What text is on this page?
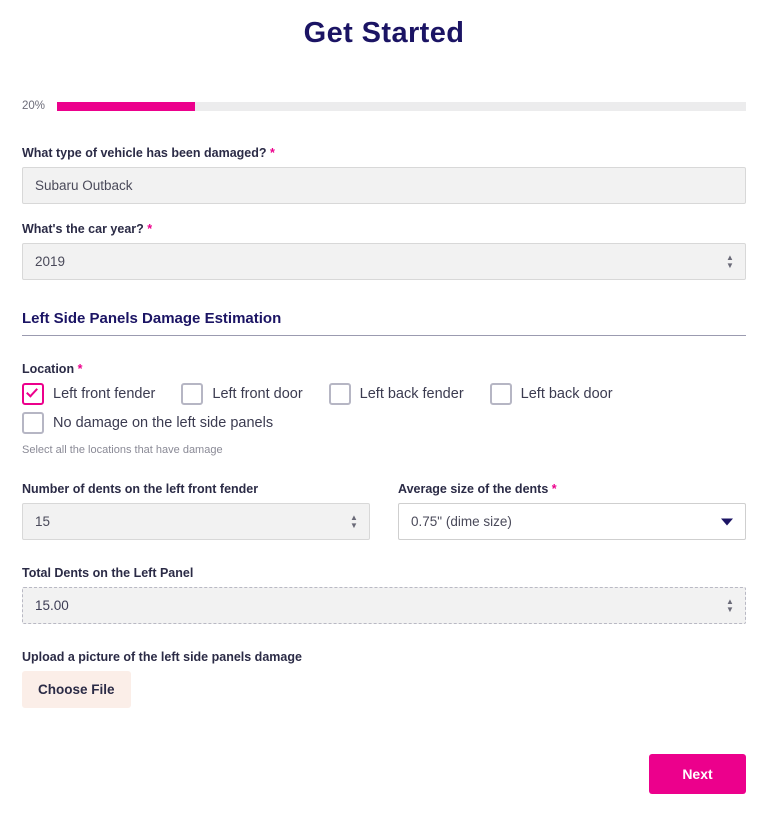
Get Started
20%
What type of vehicle has been damaged? *
Subaru Outback
What's the car year? *
2019
▲
▼
Left Side Panels Damage Estimation
Location *
Left front fender	Left front door	Left back fender	Left back door
No damage on the left side panels
Select all the locations that have damage
Number of dents on the left front fender
15
▲
▼
Average size of the dents *
0.75" (dime size)
Total Dents on the Left Panel
15.00
▲
▼
Upload a picture of the left side panels damage
Choose File
Next
